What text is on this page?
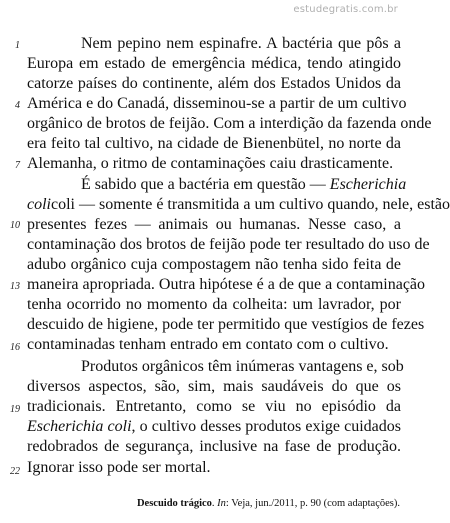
estudegratis.com.br
1
4
7
10
13
16
19
22
Nem pepino nem espinafre. A bactéria que pôs a
Europa em estado de emergência médica, tendo atingido
catorze países do continente, além dos Estados Unidos da
América e do Canadá, disseminou-se a partir de um cultivo
orgânico de brotos de feijão. Com a interdição da fazenda onde
era feito tal cultivo, na cidade de Bienenbütel, no norte da
Alemanha, o ritmo de contaminações caiu drasticamente.
É sabido que a bactéria em questão — Escherichia
colicoli — somente é transmitida a um cultivo quando, nele, estão
presentes fezes — animais ou humanas. Nesse caso, a
contaminação dos brotos de feijão pode ter resultado do uso de
adubo orgânico cuja compostagem não tenha sido feita de
maneira apropriada. Outra hipótese é a de que a contaminação
tenha ocorrido no momento da colheita: um lavrador, por
descuido de higiene, pode ter permitido que vestígios de fezes
contaminadas tenham entrado em contato com o cultivo.
Produtos orgânicos têm inúmeras vantagens e, sob
diversos aspectos, são, sim, mais saudáveis do que os
tradicionais. Entretanto, como se viu no episódio da
Escherichia coli, o cultivo desses produtos exige cuidados
redobrados de segurança, inclusive na fase de produção.
Ignorar isso pode ser mortal.
Descuido trágico. In: Veja, jun./2011, p. 90 (com adaptações).
